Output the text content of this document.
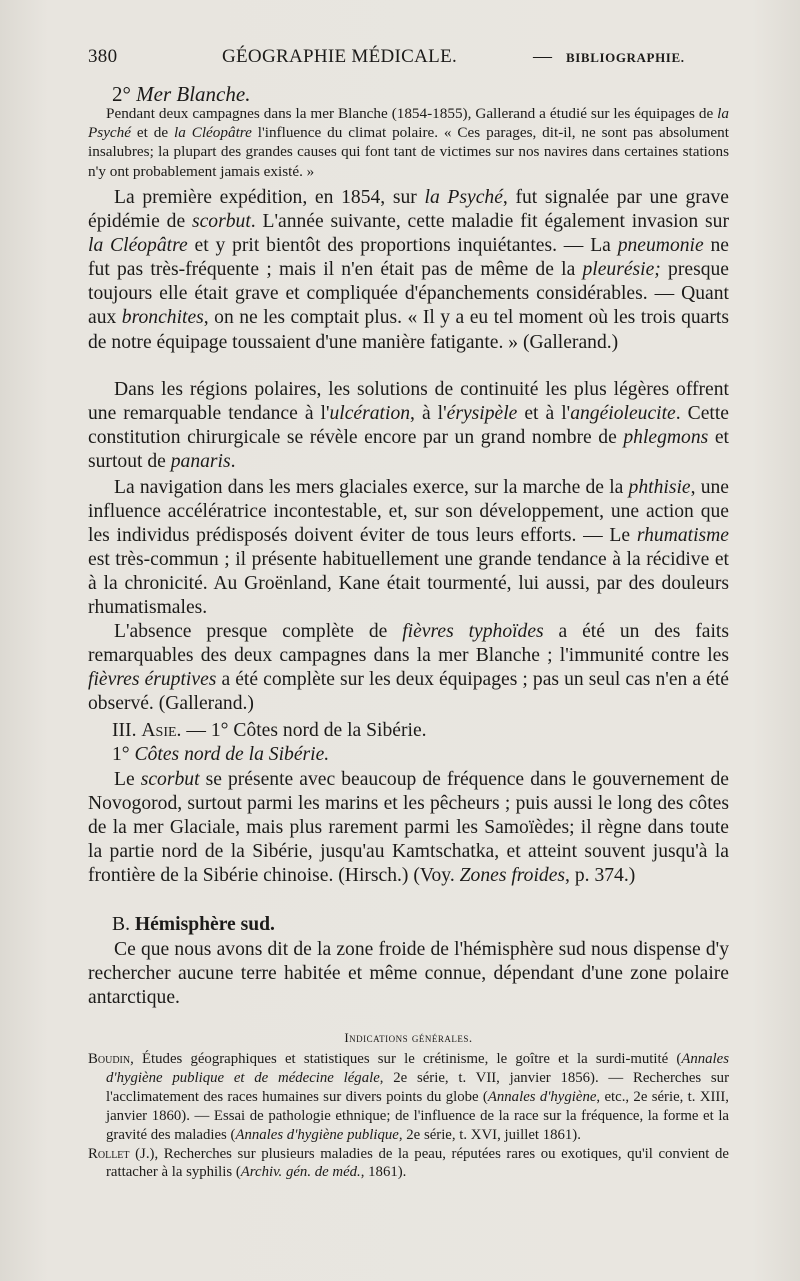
380	GÉOGRAPHIE MÉDICALE.	— BIBLIOGRAPHIE.
2° Mer Blanche.
Pendant deux campagnes dans la mer Blanche (1854-1855), Gallerand a étudié sur les équipages de la Psyché et de la Cléopâtre l'influence du climat polaire. « Ces parages, dit-il, ne sont pas absolument insalubres; la plupart des grandes causes qui font tant de victimes sur nos navires dans certaines stations n'y ont probablement jamais existé. »

La première expédition, en 1854, sur la Psyché, fut signalée par une grave épidémie de scorbut. L'année suivante, cette maladie fit également invasion sur la Cléopâtre et y prit bientôt des proportions inquiétantes. — La pneumonie ne fut pas très-fréquente ; mais il n'en était pas de même de la pleurésie; presque toujours elle était grave et compliquée d'épanchements considérables. — Quant aux bronchites, on ne les comptait plus. « Il y a eu tel moment où les trois quarts de notre équipage toussaient d'une manière fatigante. » (Gallerand.)

Dans les régions polaires, les solutions de continuité les plus légères offrent une remarquable tendance à l'ulcération, à l'érysipèle et à l'angéioleucite. Cette constitution chirurgicale se révèle encore par un grand nombre de phlegmons et surtout de panaris.

La navigation dans les mers glaciales exerce, sur la marche de la phthisie, une influence accélératrice incontestable, et, sur son développement, une action que les individus prédisposés doivent éviter de tous leurs efforts. — Le rhumatisme est très-commun ; il présente habituellement une grande tendance à la récidive et à la chronicité. Au Groënland, Kane était tourmenté, lui aussi, par des douleurs rhumatismales.

L'absence presque complète de fièvres typhoïdes a été un des faits remarquables des deux campagnes dans la mer Blanche ; l'immunité contre les fièvres éruptives a été complète sur les deux équipages ; pas un seul cas n'en a été observé. (Gallerand.)

III. Asie. — 1° Côtes nord de la Sibérie.
1° Côtes nord de la Sibérie.

Le scorbut se présente avec beaucoup de fréquence dans le gouvernement de Novogorod, surtout parmi les marins et les pêcheurs ; puis aussi le long des côtes de la mer Glaciale, mais plus rarement parmi les Samoïèdes; il règne dans toute la partie nord de la Sibérie, jusqu'au Kamtschatka, et atteint souvent jusqu'à la frontière de la Sibérie chinoise. (Hirsch.) (Voy. Zones froides, p. 374.)

B. Hémisphère sud.

Ce que nous avons dit de la zone froide de l'hémisphère sud nous dispense d'y rechercher aucune terre habitée et même connue, dépendant d'une zone polaire antarctique.

Indications générales.

Boudin, Études géographiques et statistiques sur le crétinisme, le goître et la surdi-mutité (Annales d'hygiène publique et de médecine légale, 2e série, t. VII, janvier 1856). — Recherches sur l'acclimatement des races humaines sur divers points du globe (Annales d'hygiène, etc., 2e série, t. XIII, janvier 1860). — Essai de pathologie ethnique; de l'influence de la race sur la fréquence, la forme et la gravité des maladies (Annales d'hygiène publique, 2e série, t. XVI, juillet 1861).

Rollet (J.), Recherches sur plusieurs maladies de la peau, réputées rares ou exotiques, qu'il convient de rattacher à la syphilis (Archiv. gén. de méd., 1861).
